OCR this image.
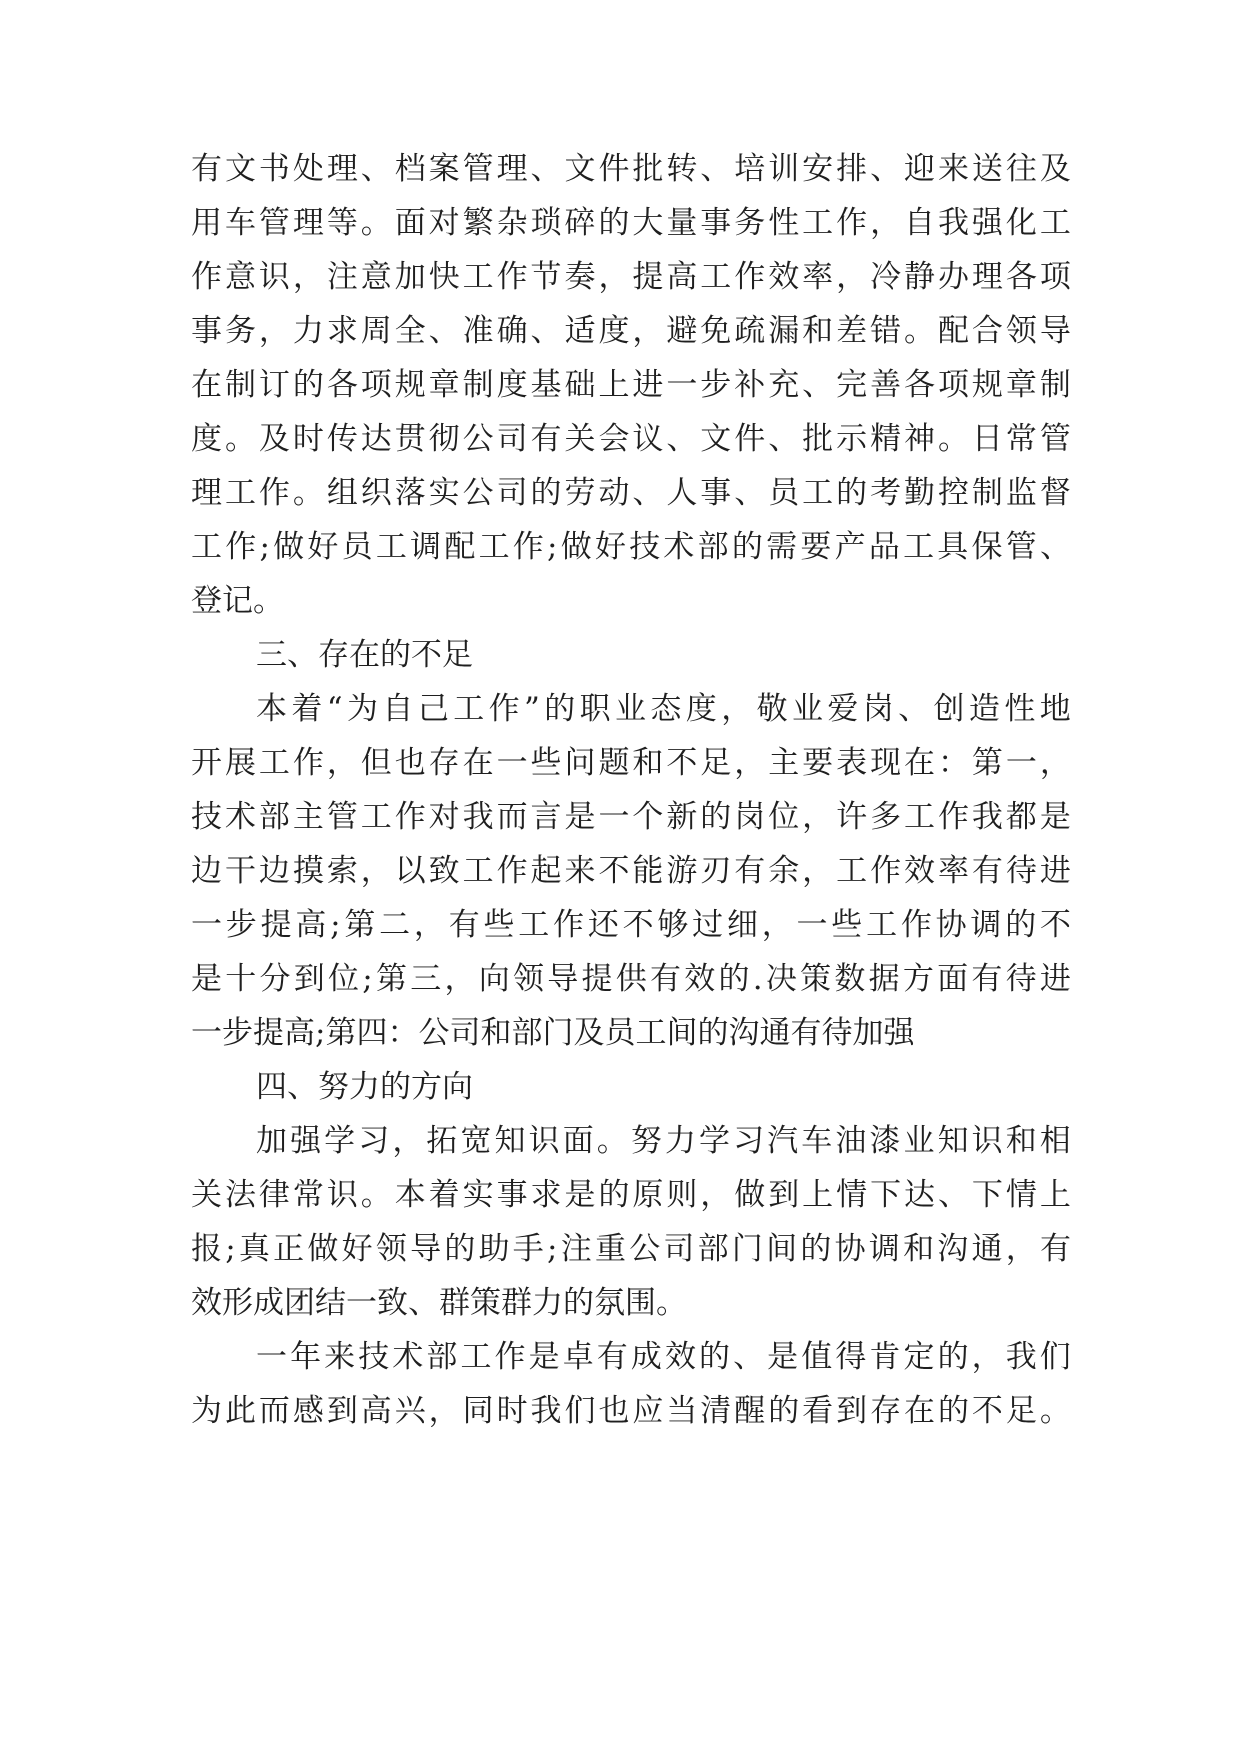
有 文 书 处 理 、 档 案 管 理 、 文 件 批 转 、 培 训 安 排 、 迎 来 送 往 及
用 车 管 理 等 。 面 对 繁 杂 琐 碎 的 大 量 事 务 性 工 作 ， 自 我 强 化 工
作 意 识 ， 注 意 加 快 工 作 节 奏 ， 提 高 工 作 效 率 ， 冷 静 办 理 各 项
事 务 ， 力 求 周 全 、 准 确 、 适 度 ， 避 免 疏 漏 和 差 错 。 配 合 领 导
在 制 订 的 各 项 规 章 制 度 基 础 上 进 一 步 补 充 、 完 善 各 项 规 章 制
度 。 及 时 传 达 贯 彻 公 司 有 关 会 议 、 文 件 、 批 示 精 神 。 日 常 管
理 工 作 。 组 织 落 实 公 司 的 劳 动 、 人 事 、 员 工 的 考 勤 控 制 监 督
工 作 ; 做 好 员 工 调 配 工 作 ; 做 好 技 术 部 的 需 要 产 品 工 具 保 管 、
登记。
三、存在的不足
本 着 “ 为 自 己 工 作 ” 的 职 业 态 度 ， 敬 业 爱 岗 、 创 造 性 地
开 展 工 作 ， 但 也 存 在 一 些 问 题 和 不 足 ， 主 要 表 现 在 ： 第 一 ，
技 术 部 主 管 工 作 对 我 而 言 是 一 个 新 的 岗 位 ， 许 多 工 作 我 都 是
边 干 边 摸 索 ， 以 致 工 作 起 来 不 能 游 刃 有 余 ， 工 作 效 率 有 待 进
一 步 提 高 ; 第 二 ， 有 些 工 作 还 不 够 过 细 ， 一 些 工 作 协 调 的 不
是 十 分 到 位 ; 第 三 ， 向 领 导 提 供 有 效 的 . 决 策 数 据 方 面 有 待 进
一步提高;第四：公司和部门及员工间的沟通有待加强
四、努力的方向
加 强 学 习 ， 拓 宽 知 识 面 。 努 力 学 习 汽 车 油 漆 业 知 识 和 相
关 法 律 常 识 。 本 着 实 事 求 是 的 原 则 ， 做 到 上 情 下 达 、 下 情 上
报 ; 真 正 做 好 领 导 的 助 手 ; 注 重 公 司 部 门 间 的 协 调 和 沟 通 ， 有
效形成团结一致、群策群力的氛围。
一 年 来 技 术 部 工 作 是 卓 有 成 效 的 、 是 值 得 肯 定 的 ， 我 们
为 此 而 感 到 高 兴 ， 同 时 我 们 也 应 当 清 醒 的 看 到 存 在 的 不 足 。
